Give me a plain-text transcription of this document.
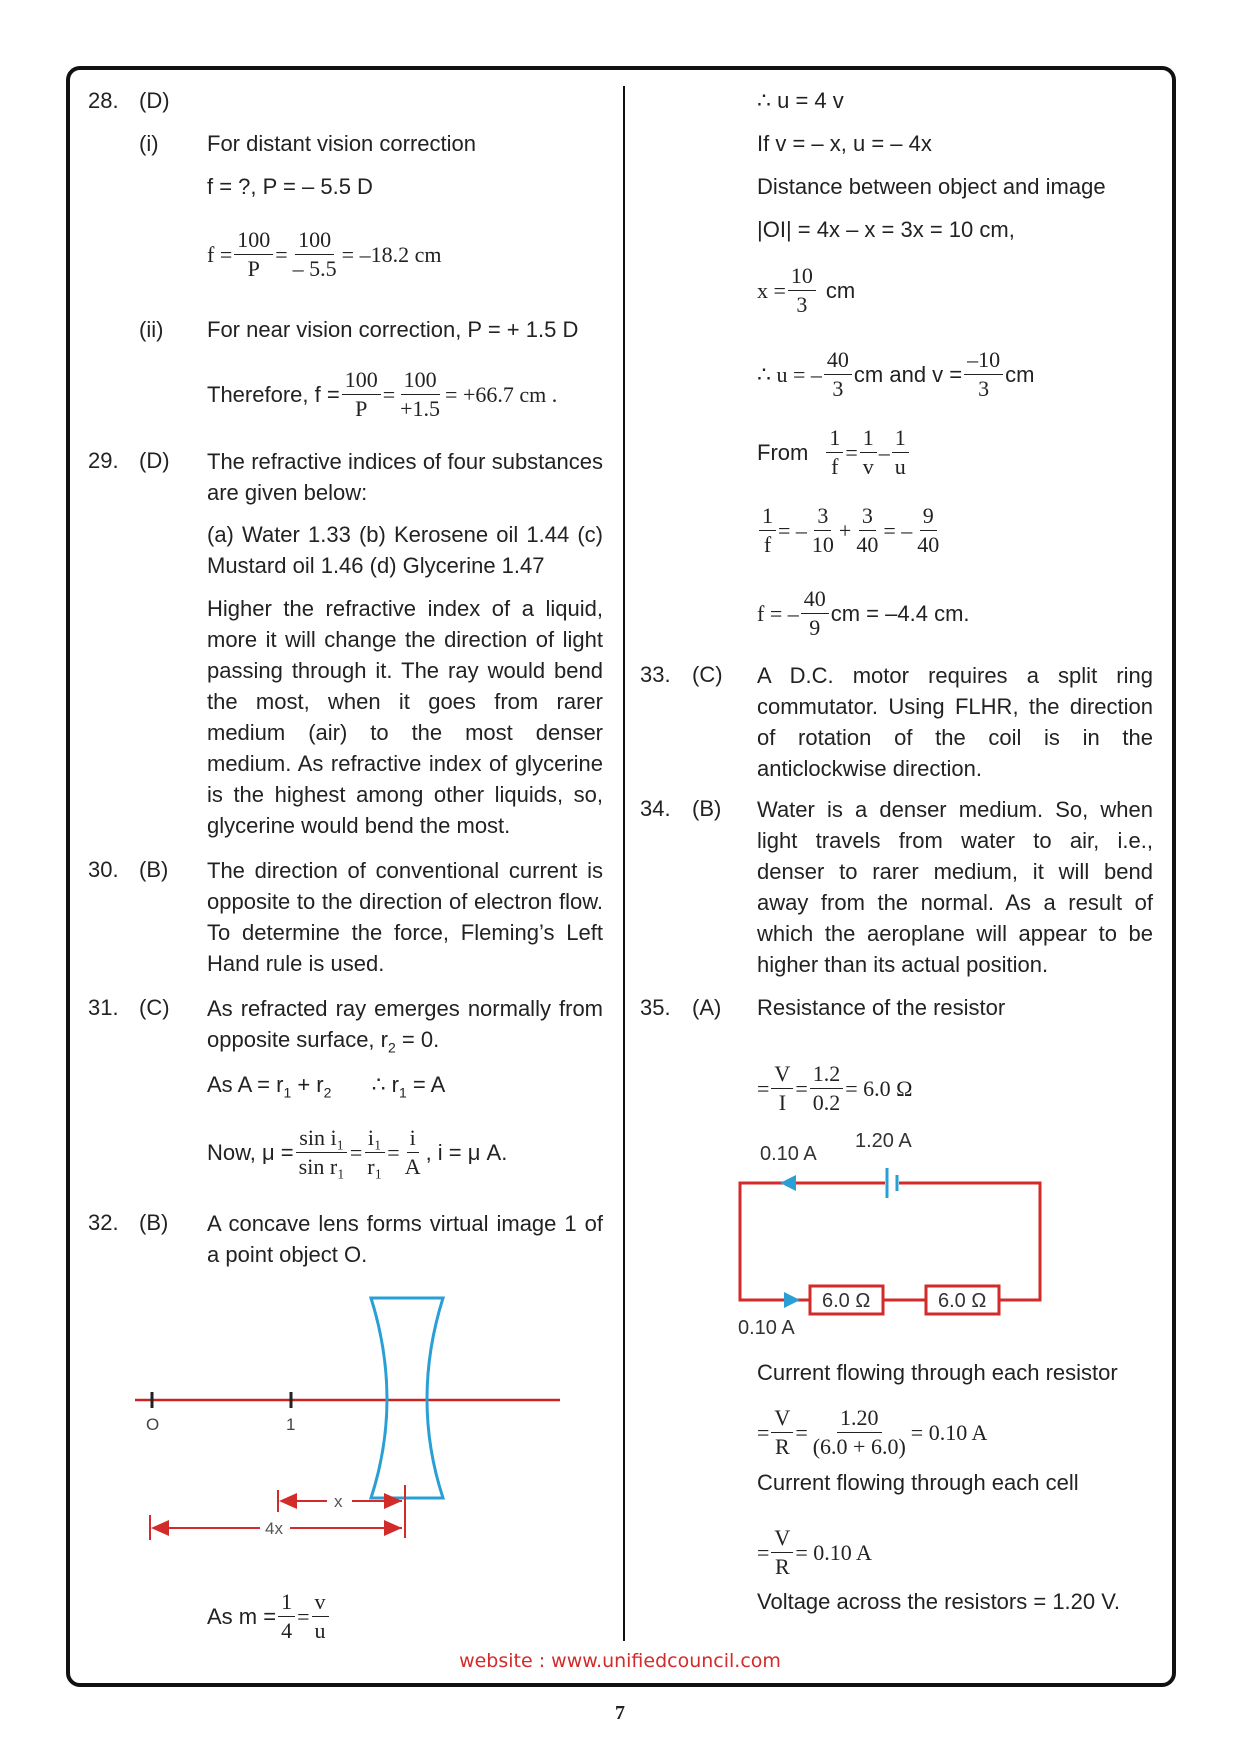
28. (D)
(i) For distant vision correction
f = ?, P = – 5.5 D
$f = \frac{100}{P} = \frac{100}{- 5.5} = -18.2$ cm
(ii) For near vision correction, P = + 1.5 D
Therefore, $f = \frac{100}{P} = \frac{100}{+1.5} = +66.7$ cm .
29. (D) The refractive indices of four substances are given below:
(a) Water 1.33 (b) Kerosene oil 1.44 (c) Mustard oil 1.46 (d) Glycerine 1.47
Higher the refractive index of a liquid, more it will change the direction of light passing through it. The ray would bend the most, when it goes from rarer medium (air) to the most denser medium. As refractive index of glycerine is the highest among other liquids, so, glycerine would bend the most.
30. (B) The direction of conventional current is opposite to the direction of electron flow. To determine the force, Fleming’s Left Hand rule is used.
31. (C) As refracted ray emerges normally from opposite surface, $r_2 = 0$.
As $A = r_1 + r_2$ ∴ $r_1 = A$
Now, $\mu = \frac{\text{sin i₁}}{\text{sin r₁}} = \frac{\text{i₁}}{\text{r₁}} = \frac{i}{A}$ , i = μ A.
32. (B) A concave lens forms virtual image 1 of a point object O.
O	1
x
4x
As $m = \frac{1}{4} = \frac{v}{u}$
∴ u = 4 v
If v = – x, u = – 4x
Distance between object and image
|OI| = 4x – x = 3x = 10 cm,
$x = \frac{10}{3}$ cm
∴ u = – $\frac{40}{3}$ cm and $v = \frac{-10}{3}$ cm
From $\frac{1}{f} = \frac{1}{v} - \frac{1}{u}$
$\frac{1}{f}$ = – $\frac{3}{10} + \frac{3}{40}$ = – $\frac{9}{40}$
f = – $\frac{40}{9}$ cm = –4.4 cm.
33. (C) A D.C. motor requires a split ring commutator. Using FLHR, the direction of rotation of the coil is in the anticlockwise direction.
34. (B) Water is a denser medium. So, when light travels from water to air, i.e., denser to rarer medium, it will bend away from the normal. As a result of which the aeroplane will appear to be higher than its actual position.
35. (A) Resistance of the resistor
= $\frac{V}{I} = \frac{1.2}{0.2} = 6.0$ Ω
0.10 A
1.20 A
6.0 Ω	6.0 Ω
0.10 A
Current flowing through each resistor
= $\frac{V}{R} = \frac{1.20}{(6.0 + 6.0)} = 0.10$ A
Current flowing through each cell
= $\frac{V}{R} = 0.10$ A
Voltage across the resistors = 1.20 V.
website : www.unifiedcouncil.com
7
